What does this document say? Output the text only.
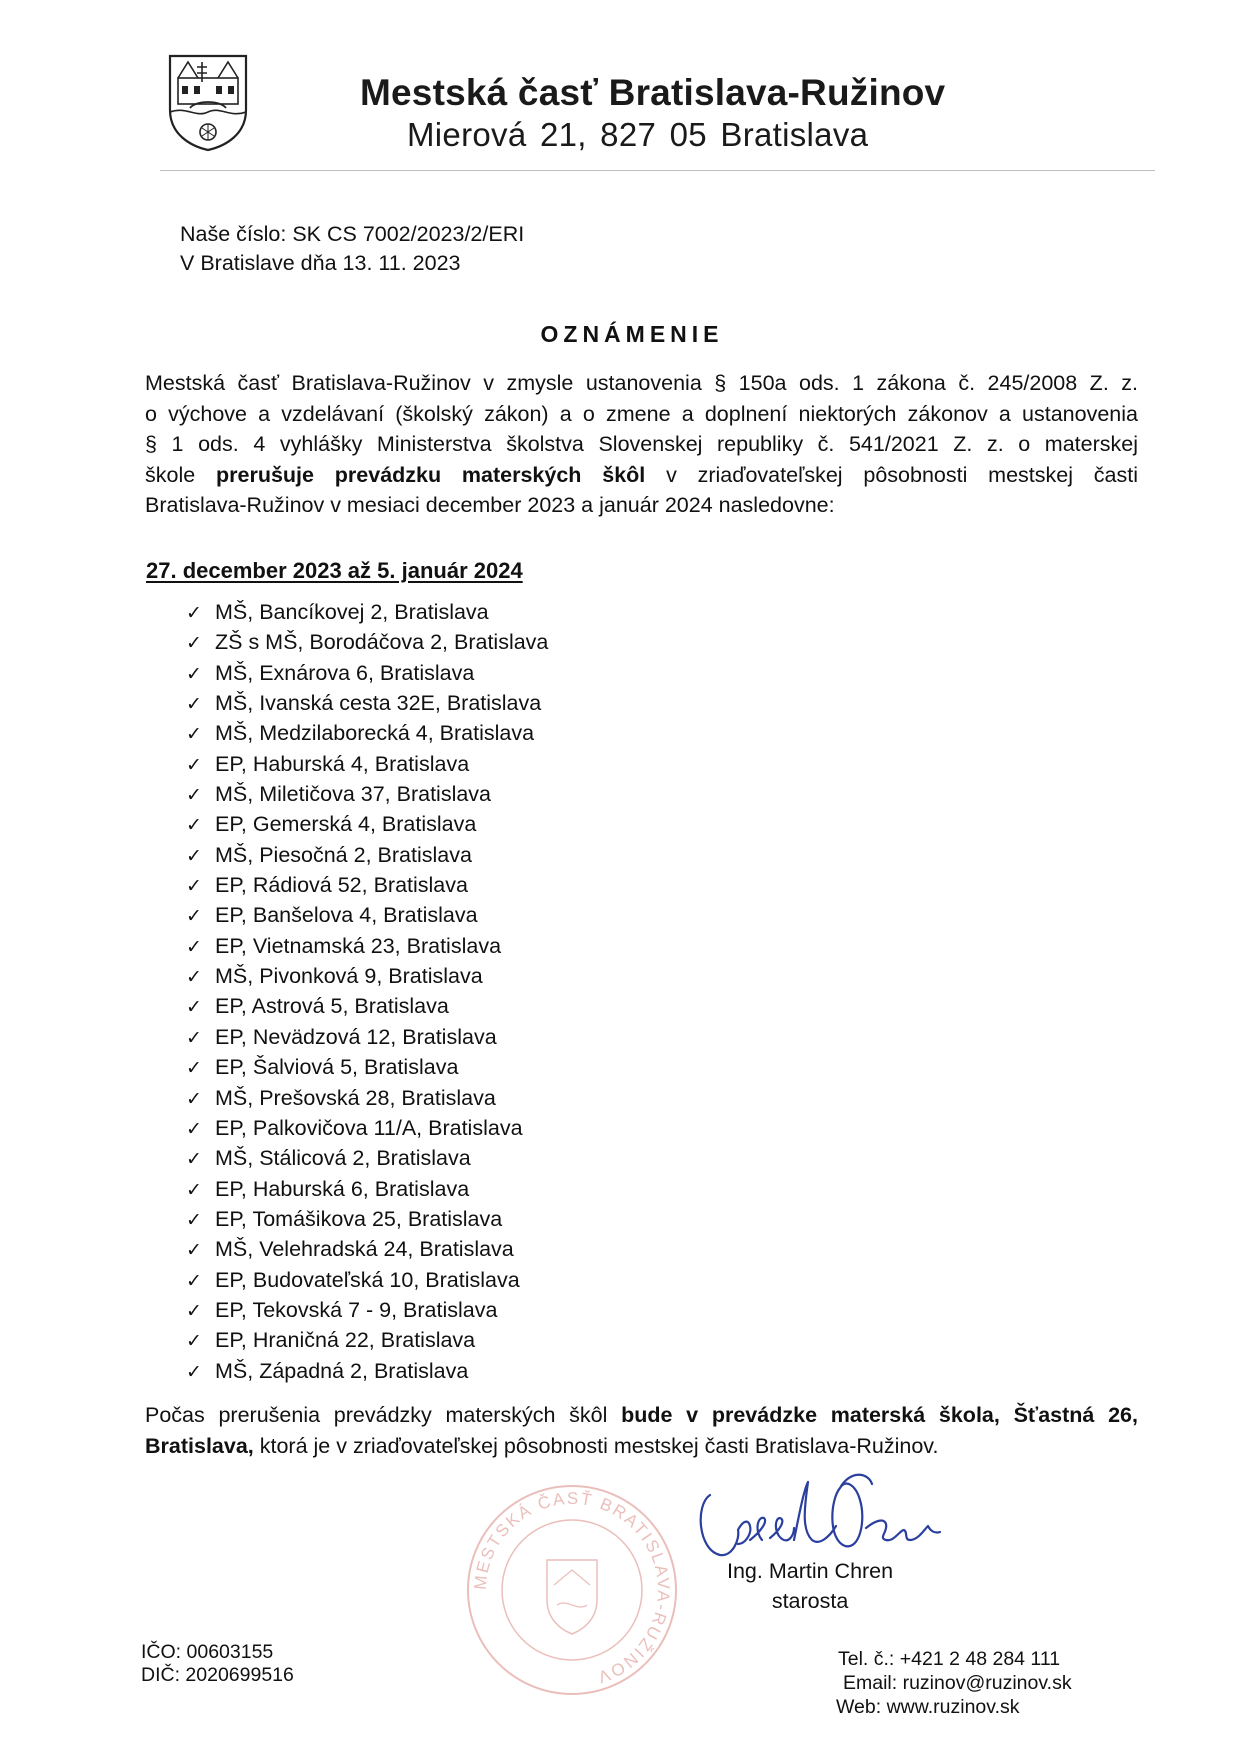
Mestská časť Bratislava-Ružinov
Mierová 21, 827 05 Bratislava
Naše číslo: SK CS 7002/2023/2/ERI
V Bratislave dňa 13. 11. 2023
OZNÁMENIE
Mestská časť Bratislava-Ružinov v zmysle ustanovenia § 150a ods. 1 zákona č. 245/2008 Z. z.
o výchove a vzdelávaní (školský zákon) a o zmene a doplnení niektorých zákonov a ustanovenia
§ 1 ods. 4 vyhlášky Ministerstva školstva Slovenskej republiky č. 541/2021 Z. z. o materskej
škole prerušuje prevádzku materských škôl v zriaďovateľskej pôsobnosti mestskej časti
Bratislava-Ružinov v mesiaci december 2023 a január 2024 nasledovne:
27. december 2023 až 5. január 2024
✓ MŠ, Bancíkovej 2, Bratislava
✓ ZŠ s MŠ, Borodáčova 2, Bratislava
✓ MŠ, Exnárova 6, Bratislava
✓ MŠ, Ivanská cesta 32E, Bratislava
✓ MŠ, Medzilaborecká 4, Bratislava
✓ EP, Haburská 4, Bratislava
✓ MŠ, Miletičova 37, Bratislava
✓ EP, Gemerská 4, Bratislava
✓ MŠ, Piesočná 2, Bratislava
✓ EP, Rádiová 52, Bratislava
✓ EP, Banšelova 4, Bratislava
✓ EP, Vietnamská 23, Bratislava
✓ MŠ, Pivonková 9, Bratislava
✓ EP, Astrová 5, Bratislava
✓ EP, Nevädzová 12, Bratislava
✓ EP, Šalviová 5, Bratislava
✓ MŠ, Prešovská 28, Bratislava
✓ EP, Palkovičova 11/A, Bratislava
✓ MŠ, Stálicová 2, Bratislava
✓ EP, Haburská 6, Bratislava
✓ EP, Tomášikova 25, Bratislava
✓ MŠ, Velehradská 24, Bratislava
✓ EP, Budovateľská 10, Bratislava
✓ EP, Tekovská 7 - 9, Bratislava
✓ EP, Hraničná 22, Bratislava
✓ MŠ, Západná 2, Bratislava
Počas prerušenia prevádzky materských škôl bude v prevádzke materská škola, Šťastná 26,
Bratislava, ktorá je v zriaďovateľskej pôsobnosti mestskej časti Bratislava-Ružinov.
MESTSKÁ ČASŤ BRATISLAVA-RUŽINOV
Ing. Martin Chren
starosta
IČO: 00603155
DIČ: 2020699516
Tel. č.: +421 2 48 284 111
Email: ruzinov@ruzinov.sk
Web: www.ruzinov.sk
